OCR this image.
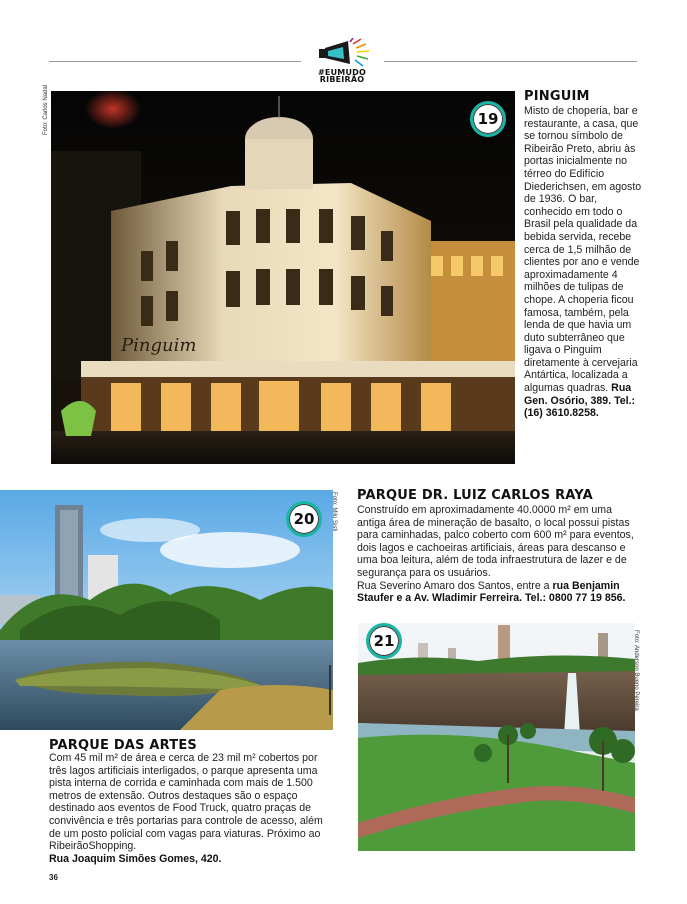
#EUMUDO RIBEIRÃO
Pinguim
Foto: Carlos Nadal	19
PINGUIM
Misto de choperia, bar e restaurante, a casa, que se tornou símbolo de Ribeirão Preto, abriu às portas inicialmente no térreo do Edifício Diederichsen, em agosto de 1936. O bar, conhecido em todo o Brasil pela qualidade da bebida servida, recebe cerca de 1,5 milhão de clientes por ano e vende aproximadamente 4 milhões de tulipas de chope. A choperia ficou famosa, também, pela lenda de que havia um duto subterrâneo que ligava o Pinguim diretamente à cervejaria Antártica, localizada a algumas quadras. Rua Gen. Osório, 389. Tel.: (16) 3610.8258.
Foto: Milo Sisti
20
PARQUE DAS ARTES
Com 45 mil m² de área e cerca de 23 mil m² cobertos por três lagos artificiais interligados, o parque apresenta uma pista interna de corrida e caminhada com mais de 1.500 metros de extensão. Outros destaques são o espaço destinado aos eventos de Food Truck, quatro praças de convivência e três portarias para controle de acesso, além de um posto policial com vagas para viaturas. Próximo ao RibeirãoShopping.
Rua Joaquim Simões Gomes, 420.
PARQUE DR. LUIZ CARLOS RAYA
Construído em aproximadamente 40.0000 m² em uma antiga área de mineração de basalto, o local possui pistas para caminhadas, palco coberto com 600 m² para eventos, dois lagos e cachoeiras artificiais, áreas para descanso e uma boa leitura, além de toda infraestrutura de lazer e de segurança para os usuários.
Rua Severino Amaro dos Santos, entre a rua Benjamin Staufer e a Av. Wladimir Ferreira. Tel.: 0800 77 19 856.
Foto: Anderson Bueno Pereira
21
36
